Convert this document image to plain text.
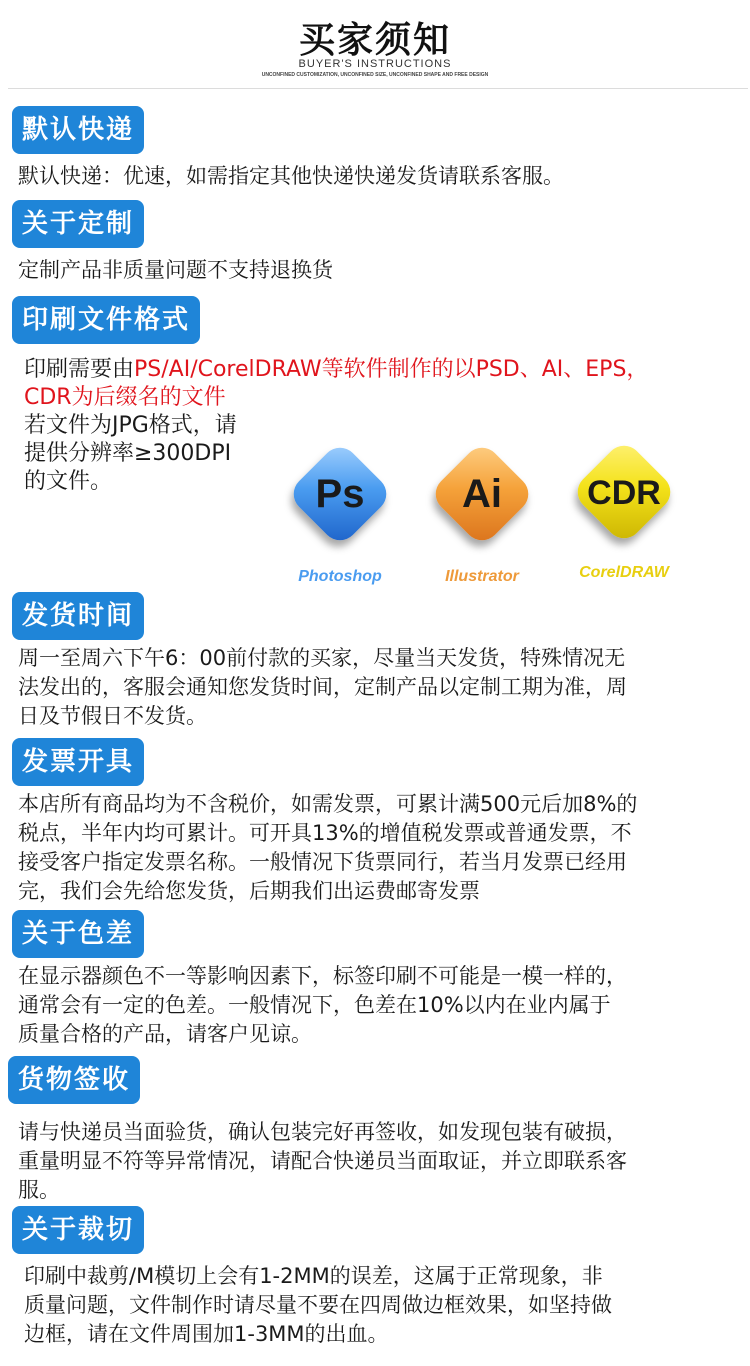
买家须知
BUYER'S INSTRUCTIONS
UNCONFINED CUSTOMIZATION, UNCONFINED SIZE, UNCONFINED SHAPE AND FREE DESIGN
默认快递
默认快递：优速，如需指定其他快递快递发货请联系客服。
关于定制
定制产品非质量问题不支持退换货
印刷文件格式
印刷需要由PS/AI/CorelDRAW等软件制作的以PSD、AI、EPS，
CDR为后缀名的文件
若文件为JPG格式，请
提供分辨率≥300DPI
的文件。	Ps
Photoshop
Ai
Illustrator
CDR
CorelDRAW
发货时间
周一至周六下午6：00前付款的买家，尽量当天发货，特殊情况无
法发出的，客服会通知您发货时间，定制产品以定制工期为准，周
日及节假日不发货。
发票开具
本店所有商品均为不含税价，如需发票，可累计满500元后加8%的
税点，半年内均可累计。可开具13%的增值税发票或普通发票，不
接受客户指定发票名称。一般情况下货票同行，若当月发票已经用
完，我们会先给您发货，后期我们出运费邮寄发票
关于色差
在显示器颜色不一等影响因素下，标签印刷不可能是一模一样的，
通常会有一定的色差。一般情况下，色差在10%以内在业内属于
质量合格的产品，请客户见谅。
货物签收
请与快递员当面验货，确认包装完好再签收，如发现包装有破损，
重量明显不符等异常情况，请配合快递员当面取证，并立即联系客
服。
关于裁切
印刷中裁剪/M模切上会有1-2MM的误差，这属于正常现象，非
质量问题，文件制作时请尽量不要在四周做边框效果，如坚持做
边框，请在文件周围加1-3MM的出血。
